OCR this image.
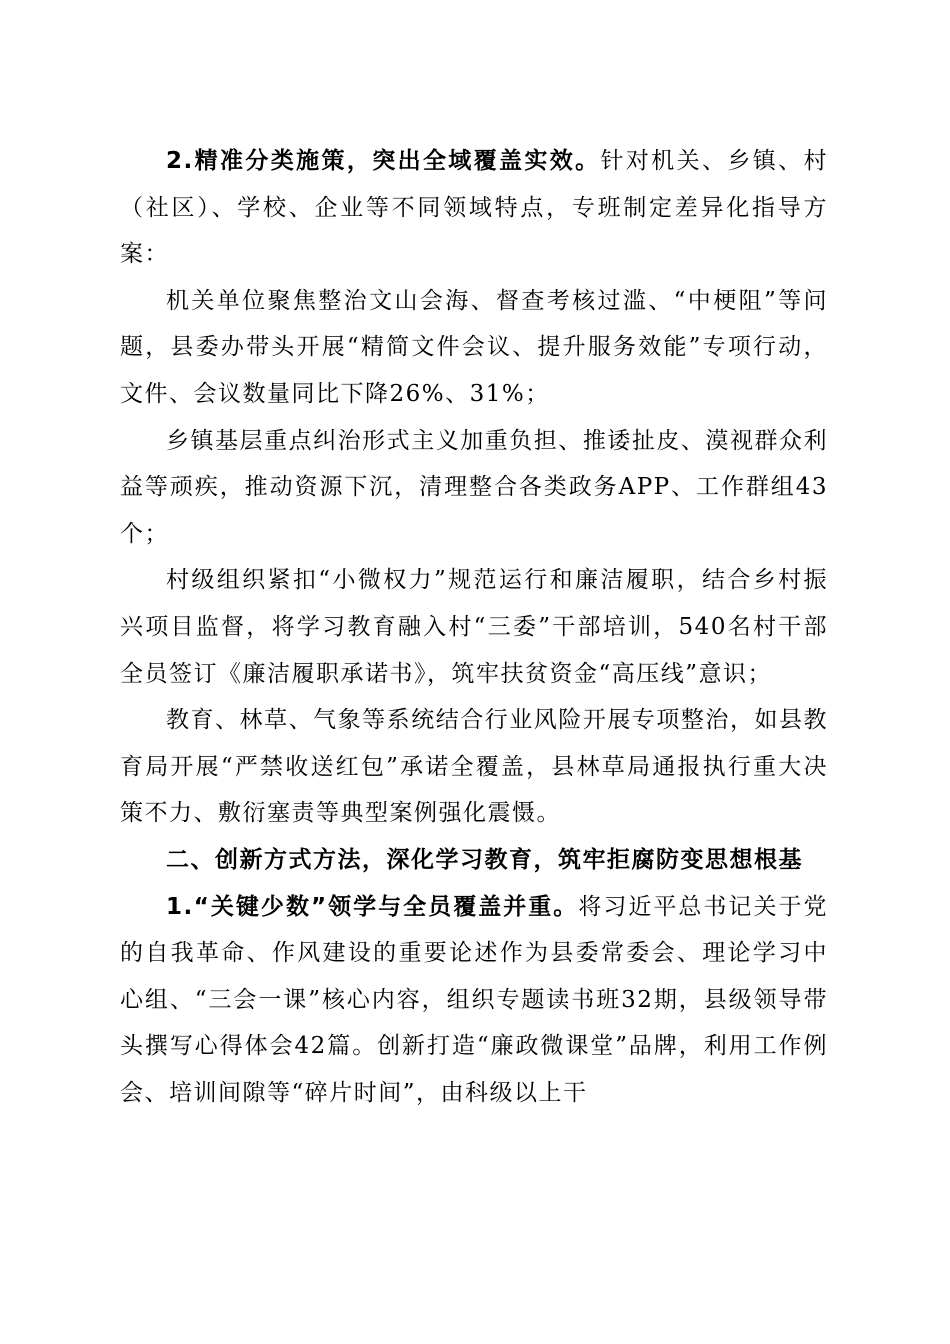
2.精准分类施策，突出全域覆盖实效。针对机关、乡镇、村（社区）、学校、企业等不同领域特点，专班制定差异化指导方案：

机关单位聚焦整治文山会海、督查考核过滥、“中梗阻”等问题，县委办带头开展“精简文件会议、提升服务效能”专项行动，文件、会议数量同比下降26%、31%；

乡镇基层重点纠治形式主义加重负担、推诿扯皮、漠视群众利益等顽疾，推动资源下沉，清理整合各类政务APP、工作群组43个；

村级组织紧扣“小微权力”规范运行和廉洁履职，结合乡村振兴项目监督，将学习教育融入村“三委”干部培训，540名村干部全员签订《廉洁履职承诺书》，筑牢扶贫资金“高压线”意识；

教育、林草、气象等系统结合行业风险开展专项整治，如县教育局开展“严禁收送红包”承诺全覆盖，县林草局通报执行重大决策不力、敷衍塞责等典型案例强化震慑。

二、创新方式方法，深化学习教育，筑牢拒腐防变思想根基

1.“关键少数”领学与全员覆盖并重。将习近平总书记关于党的自我革命、作风建设的重要论述作为县委常委会、理论学习中心组、“三会一课”核心内容，组织专题读书班32期，县级领导带头撰写心得体会42篇。创新打造“廉政微课堂”品牌，利用工作例会、培训间隙等“碎片时间”，由科级以上干
